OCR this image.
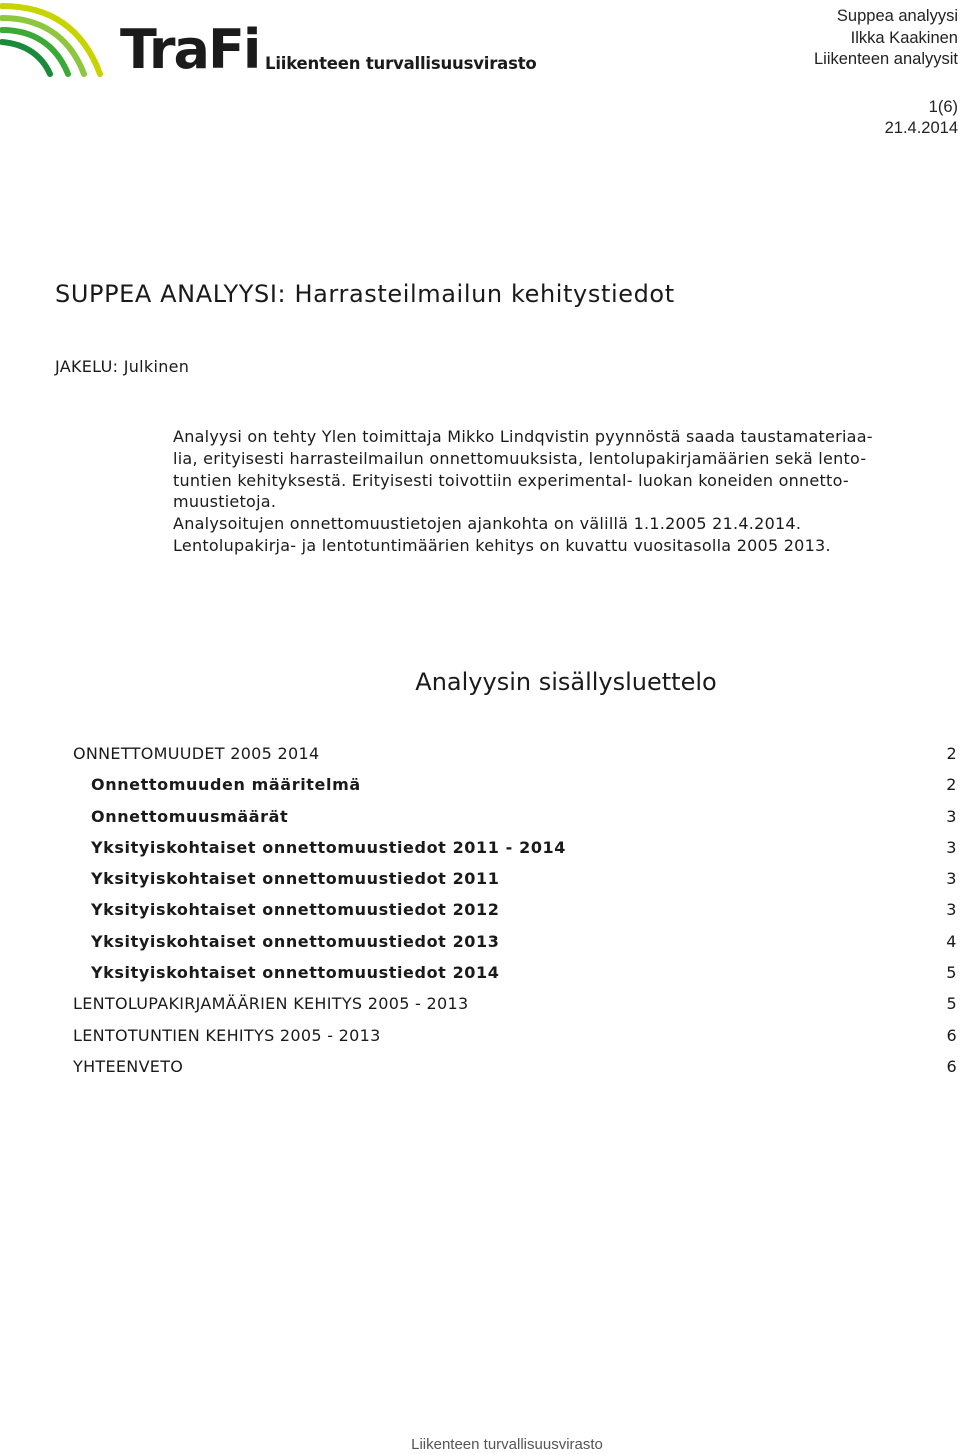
TraFi Liikenteen turvallisuusvirasto
Suppea analyysi
Ilkka Kaakinen
Liikenteen analyysit
1(6)
21.4.2014
SUPPEA ANALYYSI: Harrasteilmailun kehitystiedot
JAKELU: Julkinen

Analyysi on tehty Ylen toimittaja Mikko Lindqvistin pyynnöstä saada taustamateriaa-

lia, erityisesti harrasteilmailun onnettomuuksista, lentolupakirjamäärien sekä lento-

tuntien kehityksestä. Erityisesti toivottiin experimental- luokan koneiden onnetto-

muustietoja.

Analysoitujen onnettomuustietojen ajankohta on välillä 1.1.2005 21.4.2014.

Lentolupakirja- ja lentotuntimäärien kehitys on kuvattu vuositasolla 2005 2013.

Analyysin sisällysluettelo
ONNETTOMUUDET 2005 2014	2
Onnettomuuden määritelmä	2
Onnettomuusmäärät	3
Yksityiskohtaiset onnettomuustiedot 2011 - 2014	3
Yksityiskohtaiset onnettomuustiedot 2011	3
Yksityiskohtaiset onnettomuustiedot 2012	3
Yksityiskohtaiset onnettomuustiedot 2013	4
Yksityiskohtaiset onnettomuustiedot 2014	5
LENTOLUPAKIRJAMÄÄRIEN KEHITYS 2005 - 2013	5
LENTOTUNTIEN KEHITYS 2005 - 2013	6
YHTEENVETO	6
Liikenteen turvallisuusvirasto
